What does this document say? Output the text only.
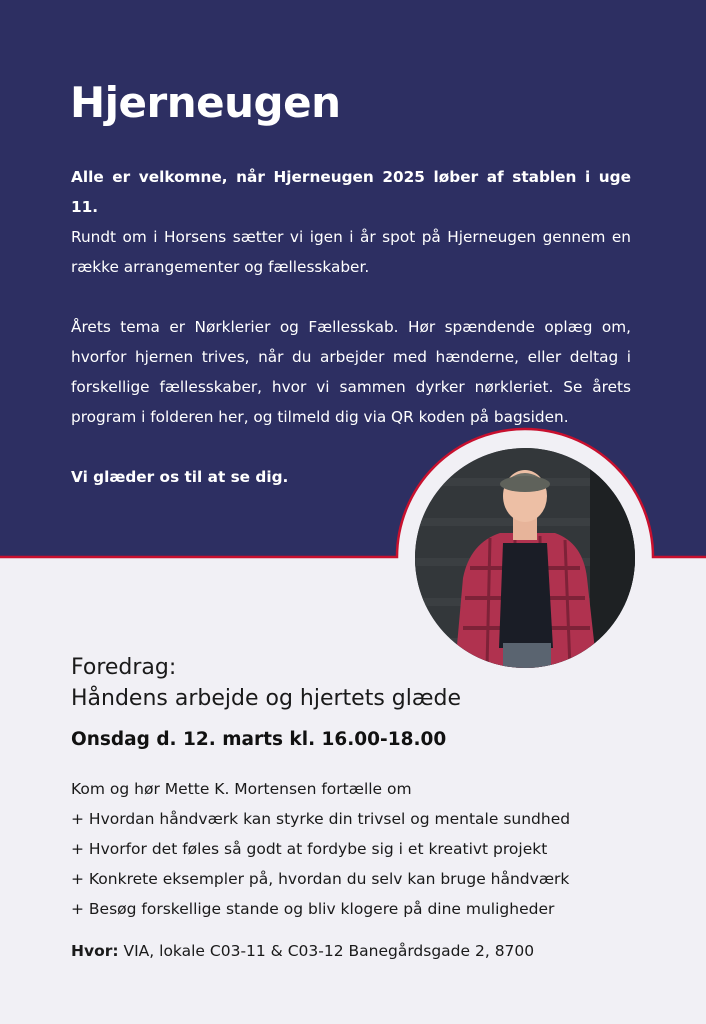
Hjerneugen

Alle er velkomne, når Hjerneugen 2025 løber af stablen i uge 11.

Rundt om i Horsens sætter vi igen i år spot på Hjerneugen gennem en række arrangementer og fællesskaber.

Årets tema er Nørklerier og Fællesskab. Hør spændende oplæg om, hvorfor hjernen trives, når du arbejder med hænderne, eller deltag i forskellige fællesskaber, hvor vi sammen dyrker nørkleriet. Se årets program i folderen her, og tilmeld dig via QR koden på bagsiden.

Vi glæder os til at se dig.

Foredrag:
Håndens arbejde og hjertets glæde
Onsdag d. 12. marts kl. 16.00-18.00
Kom og hør Mette K. Mortensen fortælle om
+ Hvordan håndværk kan styrke din trivsel og mentale sundhed
+ Hvorfor det føles så godt at fordybe sig i et kreativt projekt
+ Konkrete eksempler på, hvordan du selv kan bruge håndværk
+ Besøg forskellige stande og bliv klogere på dine muligheder
Hvor: VIA, lokale C03-11 & C03-12 Banegårdsgade 2, 8700
